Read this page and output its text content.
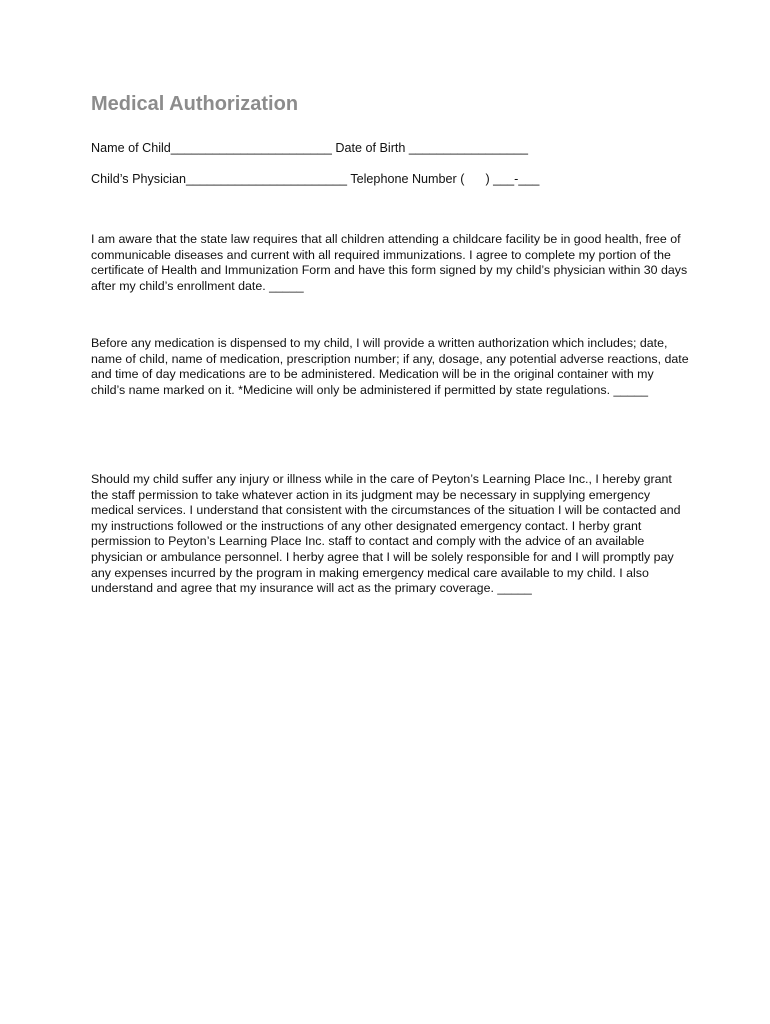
Medical Authorization
Name of Child_______________________ Date of Birth _________________
Child’s Physician_______________________ Telephone Number (      ) ___-___

I am aware that the state law requires that all children attending a childcare facility be in good health, free of communicable diseases and current with all required immunizations. I agree to complete my portion of the certificate of Health and Immunization Form and have this form signed by my child’s physician within 30 days after my child’s enrollment date. _____

Before any medication is dispensed to my child, I will provide a written authorization which includes; date, name of child, name of medication, prescription number; if any, dosage, any potential adverse reactions, date and time of day medications are to be administered. Medication will be in the original container with my child’s name marked on it. *Medicine will only be administered if permitted by state regulations. _____

Should my child suffer any injury or illness while in the care of Peyton’s Learning Place Inc., I hereby grant the staff permission to take whatever action in its judgment may be necessary in supplying emergency medical services. I understand that consistent with the circumstances of the situation I will be contacted and my instructions followed or the instructions of any other designated emergency contact. I herby grant permission to Peyton’s Learning Place Inc. staff to contact and comply with the advice of an available physician or ambulance personnel. I herby agree that I will be solely responsible for and I will promptly pay any expenses incurred by the program in making emergency medical care available to my child. I also understand and agree that my insurance will act as the primary coverage. _____
